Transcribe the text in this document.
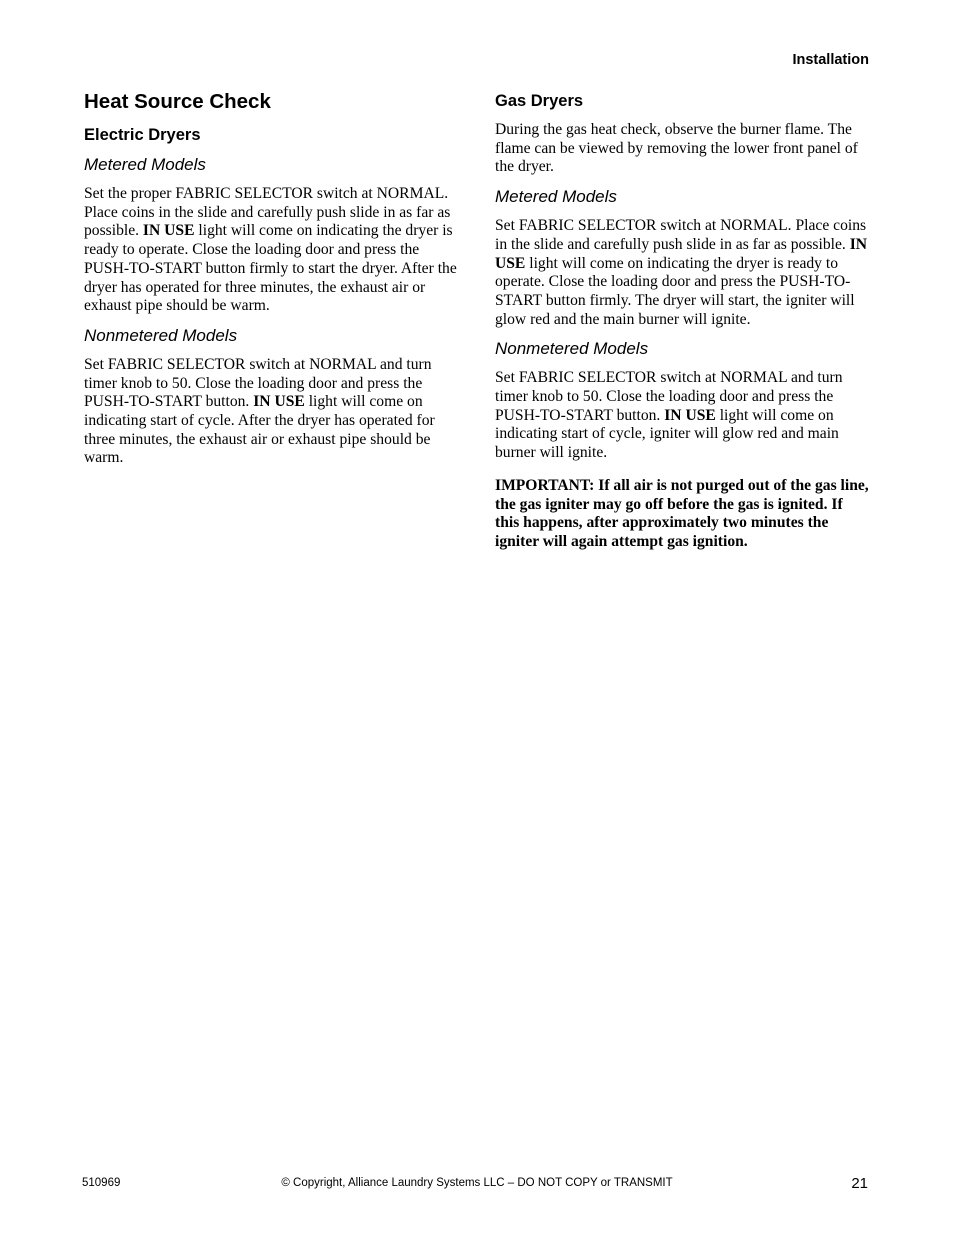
Installation
Heat Source Check
Electric Dryers
Metered Models

Set the proper FABRIC SELECTOR switch at NORMAL. Place coins in the slide and carefully push slide in as far as possible. IN USE light will come on indicating the dryer is ready to operate. Close the loading door and press the PUSH-TO-START button firmly to start the dryer. After the dryer has operated for three minutes, the exhaust air or exhaust pipe should be warm.

Nonmetered Models

Set FABRIC SELECTOR switch at NORMAL and turn timer knob to 50. Close the loading door and press the PUSH-TO-START button. IN USE light will come on indicating start of cycle. After the dryer has operated for three minutes, the exhaust air or exhaust pipe should be warm.

Gas Dryers

During the gas heat check, observe the burner flame. The flame can be viewed by removing the lower front panel of the dryer.

Metered Models

Set FABRIC SELECTOR switch at NORMAL. Place coins in the slide and carefully push slide in as far as possible. IN USE light will come on indicating the dryer is ready to operate. Close the loading door and press the PUSH-TO-START button firmly. The dryer will start, the igniter will glow red and the main burner will ignite.

Nonmetered Models

Set FABRIC SELECTOR switch at NORMAL and turn timer knob to 50. Close the loading door and press the PUSH-TO-START button. IN USE light will come on indicating start of cycle, igniter will glow red and main burner will ignite.

IMPORTANT: If all air is not purged out of the gas line, the gas igniter may go off before the gas is ignited. If this happens, after approximately two minutes the igniter will again attempt gas ignition.

510969	© Copyright, Alliance Laundry Systems LLC – DO NOT COPY or TRANSMIT	21
